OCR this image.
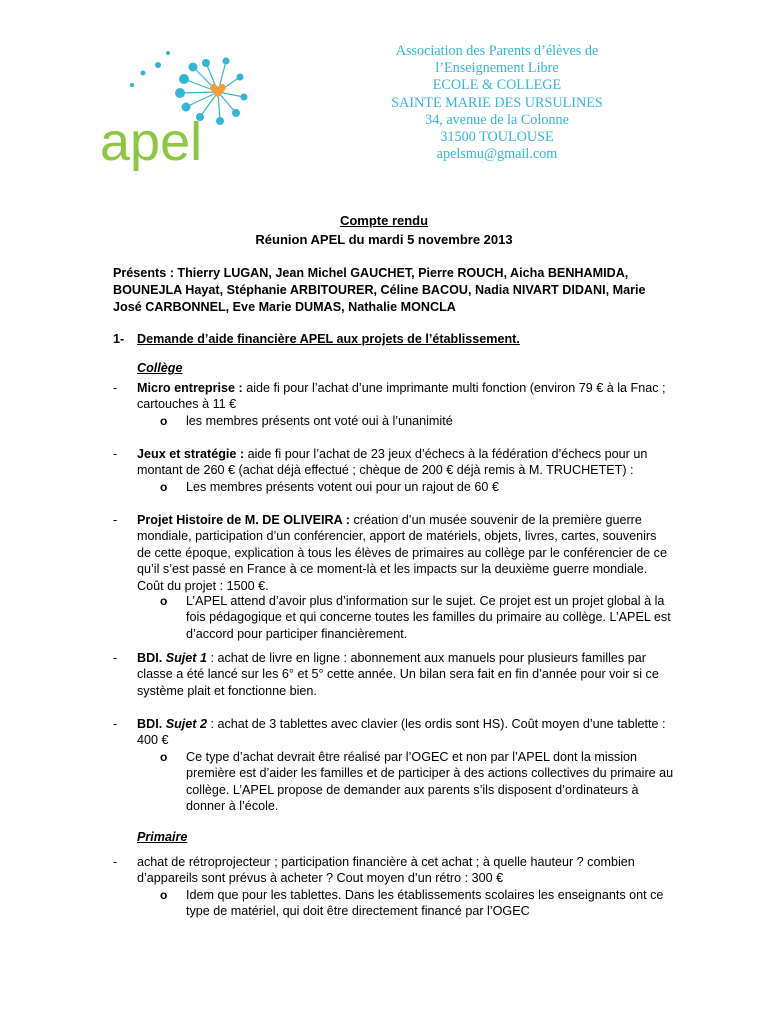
apel
Association des Parents d’élèves de
l’Enseignement Libre
ECOLE & COLLEGE
SAINTE MARIE DES URSULINES
34, avenue de la Colonne
31500 TOULOUSE
apelsmu@gmail.com
Compte rendu
Réunion APEL du mardi 5 novembre 2013
Présents : Thierry LUGAN, Jean Michel GAUCHET, Pierre ROUCH, Aicha BENHAMIDA, BOUNEJLA Hayat, Stéphanie ARBITOURER, Céline BACOU, Nadia NIVART DIDANI, Marie José CARBONNEL, Eve Marie DUMAS, Nathalie MONCLA
1- Demande d’aide financière APEL aux projets de l’établissement.
Collège
- Micro entreprise : aide fi pour l’achat d’une imprimante multi fonction (environ 79 € à la Fnac ; cartouches à 11 €
o les membres présents ont voté oui à l’unanimité
- Jeux et stratégie : aide fi pour l’achat de 23 jeux d’échecs à la fédération d’échecs pour un montant de 260 € (achat déjà effectué ; chèque de 200 € déjà remis à M. TRUCHETET) :
o Les membres présents votent oui pour un rajout de 60 €
- Projet Histoire de M. DE OLIVEIRA : création d’un musée souvenir de la première guerre mondiale, participation d’un conférencier, apport de matériels, objets, livres, cartes, souvenirs de cette époque, explication à tous les élèves de primaires au collège par le conférencier de ce qu’il s’est passé en France à ce moment-là et les impacts sur la deuxième guerre mondiale. Coût du projet : 1500 €.
o L’APEL attend d’avoir plus d’information sur le sujet. Ce projet est un projet global à la fois pédagogique et qui concerne toutes les familles du primaire au collège. L’APEL est d’accord pour participer financièrement.
- BDI. Sujet 1 : achat de livre en ligne : abonnement aux manuels pour plusieurs familles par classe a été lancé sur les 6° et 5° cette année. Un bilan sera fait en fin d’année pour voir si ce système plait et fonctionne bien.
- BDI. Sujet 2 : achat de 3 tablettes avec clavier (les ordis sont HS). Coût moyen d’une tablette : 400 €
o Ce type d’achat devrait être réalisé par l’OGEC et non par l’APEL dont la mission première est d’aider les familles et de participer à des actions collectives du primaire au collège. L’APEL propose de demander aux parents s’ils disposent d’ordinateurs à donner à l’école.
Primaire
- achat de rétroprojecteur ; participation financière à cet achat ; à quelle hauteur ? combien d’appareils sont prévus à acheter ? Cout moyen d’un rétro : 300 €
o Idem que pour les tablettes. Dans les établissements scolaires les enseignants ont ce type de matériel, qui doit être directement financé par l’OGEC
